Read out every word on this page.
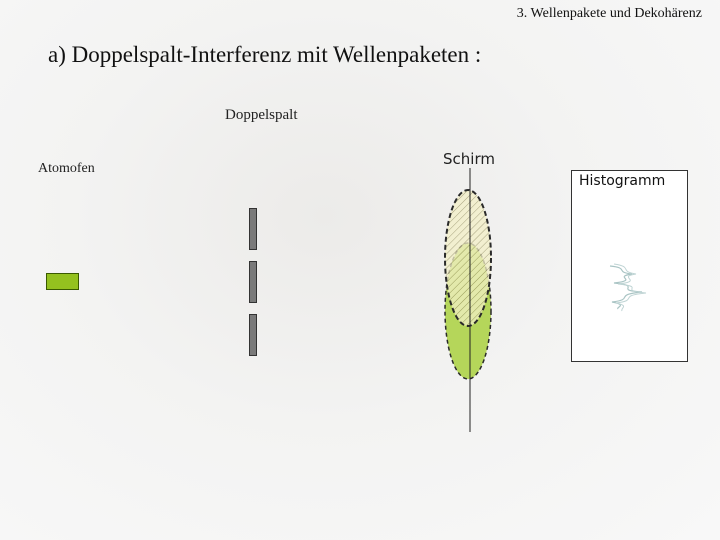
3. Wellenpakete und Dekohärenz
a) Doppelspalt-Interferenz mit Wellenpaketen :
Doppelspalt
Atomofen
Schirm
Histogramm
